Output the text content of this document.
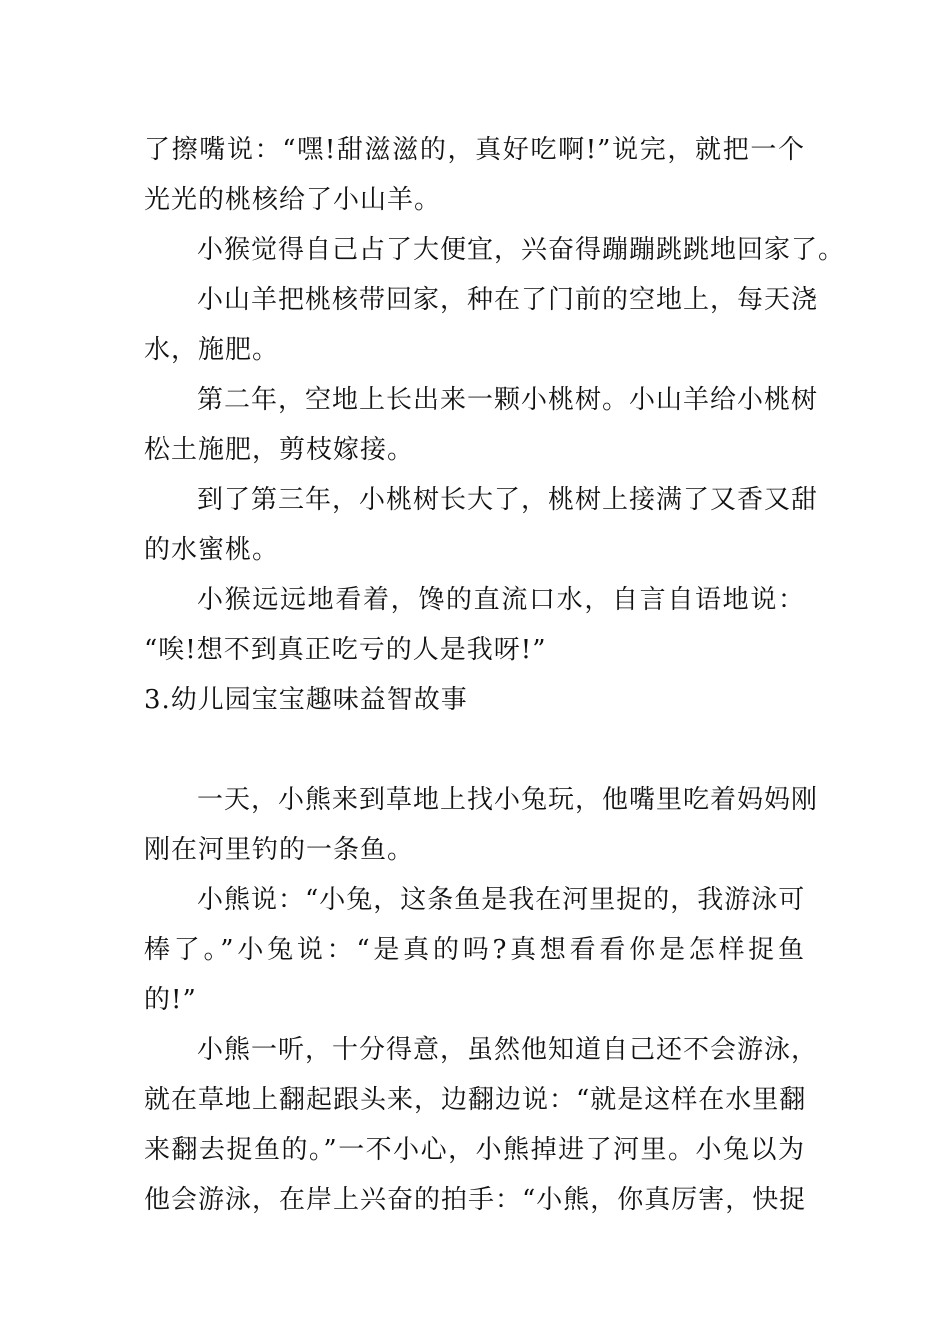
了擦嘴说：“嘿!甜滋滋的，真好吃啊!”说完，就把一个
光光的桃核给了小山羊。
小猴觉得自己占了大便宜，兴奋得蹦蹦跳跳地回家了。
小山羊把桃核带回家，种在了门前的空地上，每天浇
水，施肥。
第二年，空地上长出来一颗小桃树。小山羊给小桃树
松土施肥，剪枝嫁接。
到了第三年，小桃树长大了，桃树上接满了又香又甜
的水蜜桃。
小猴远远地看着，馋的直流口水，自言自语地说：
“唉!想不到真正吃亏的人是我呀!”
3.幼儿园宝宝趣味益智故事
一天，小熊来到草地上找小兔玩，他嘴里吃着妈妈刚
刚在河里钓的一条鱼。
小熊说：“小兔，这条鱼是我在河里捉的，我游泳可
棒了。”小兔说：“是真的吗?真想看看你是怎样捉鱼
的!”
小熊一听，十分得意，虽然他知道自己还不会游泳，
就在草地上翻起跟头来，边翻边说：“就是这样在水里翻
来翻去捉鱼的。”一不小心，小熊掉进了河里。小兔以为
他会游泳，在岸上兴奋的拍手：“小熊，你真厉害，快捉
